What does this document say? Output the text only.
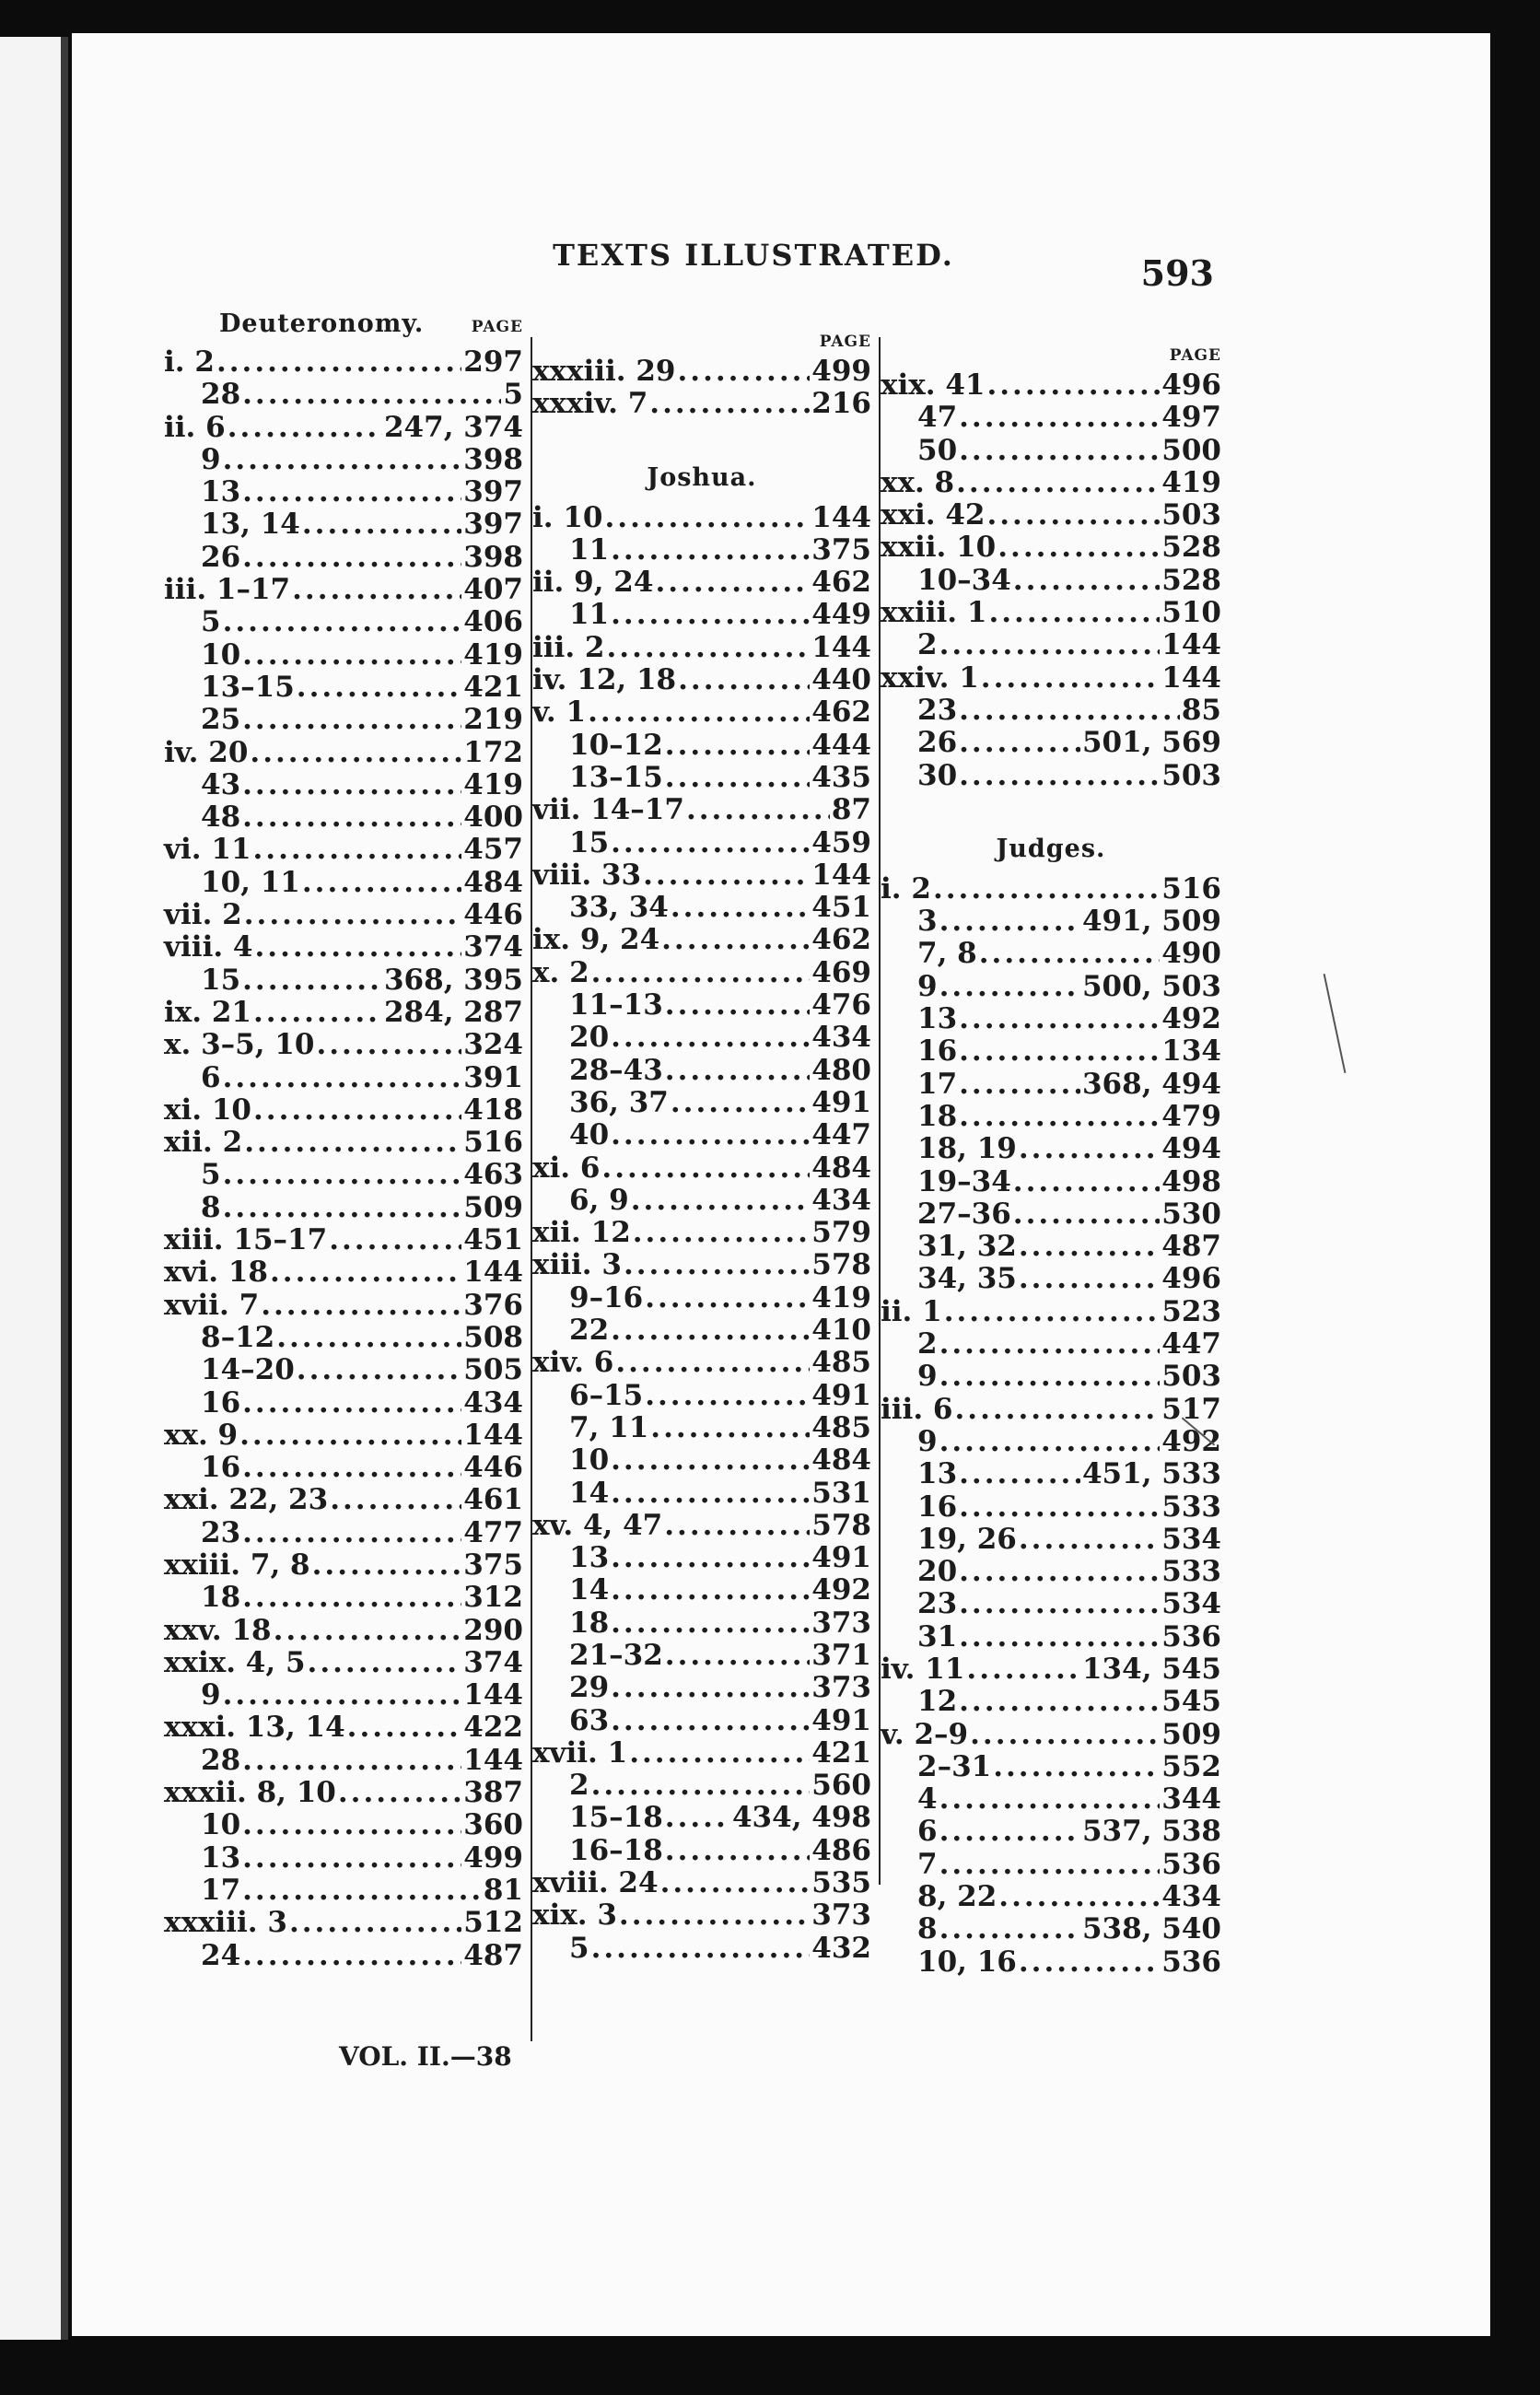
TEXTS ILLUSTRATED.	593
Deuteronomy.	PAGE
i. 2 .....	297
28 .....	5
ii. 6 .....	247, 374
9 .....	398
13 .....	397
13, 14 .....	397
26 .....	398
iii. 1–17 .....	407
5 .....	406
10 .....	419
13–15 .....	421
25 .....	219
iv. 20 .....	172
43 .....	419
48 .....	400
vi. 11 .....	457
10, 11 .....	484
vii. 2 .....	446
viii. 4 .....	374
15 .....	368, 395
ix. 21 .....	284, 287
x. 3–5, 10 .....	324
6 .....	391
xi. 10 .....	418
xii. 2 .....	516
5 .....	463
8 .....	509
xiii. 15–17 .....	451
xvi. 18 .....	144
xvii. 7 .....	376
8–12 .....	508
14–20 .....	505
16 .....	434
xx. 9 .....	144
16 .....	446
xxi. 22, 23 .....	461
23 .....	477
xxiii. 7, 8 .....	375
18 .....	312
xxv. 18 .....	290
xxix. 4, 5 .....	374
9 .....	144
xxxi. 13, 14 .....	422
28 .....	144
xxxii. 8, 10 .....	387
10 .....	360
13 .....	499
17 .....	81
xxxiii. 3 .....	512
24 .....	487
PAGE
xxxiii. 29 .....	499
xxxiv. 7 .....	216
Joshua.
i. 10 .....	144
11 .....	375
ii. 9, 24 .....	462
11 .....	449
iii. 2 .....	144
iv. 12, 18 .....	440
v. 1 .....	462
10–12 .....	444
13–15 .....	435
vii. 14–17 .....	87
15 .....	459
viii. 33 .....	144
33, 34 .....	451
ix. 9, 24 .....	462
x. 2 .....	469
11–13 .....	476
20 .....	434
28–43 .....	480
36, 37 .....	491
40 .....	447
xi. 6 .....	484
6, 9 .....	434
xii. 12 .....	579
xiii. 3 .....	578
9–16 .....	419
22 .....	410
xiv. 6 .....	485
6–15 .....	491
7, 11 .....	485
10 .....	484
14 .....	531
xv. 4, 47 .....	578
13 .....	491
14 .....	492
18 .....	373
21–32 .....	371
29 .....	373
63 .....	491
xvii. 1 .....	421
2 .....	560
15–18 ..... 434, 498
16–18 .....	486
xviii. 24 .....	535
xix. 3 .....	373
5 .....	432
PAGE
xix. 41 .....	496
47 .....	497
50 .....	500
xx. 8 .....	419
xxi. 42 .....	503
xxii. 10 .....	528
10–34 .....	528
xxiii. 1 .....	510
2 .....	144
xxiv. 1 .....	144
23 .....	85
26 .....	501, 569
30 .....	503
Judges.
i. 2 .....	516
3 .....	491, 509
7, 8 .....	490
9 .....	500, 503
13 .....	492
16 .....	134
17 .....	368, 494
18 .....	479
18, 19 .....	494
19–34 .....	498
27–36 .....	530
31, 32 .....	487
34, 35 .....	496
ii. 1 .....	523
2 .....	447
9 .....	503
iii. 6 .....	517
9 .....	492
13 .....	451, 533
16 .....	533
19, 26 .....	534
20 .....	533
23 .....	534
31 .....	536
iv. 11 .....	134, 545
12 .....	545
v. 2–9 .....	509
2–31 .....	552
4 .....	344
6 .....	537, 538
7 .....	536
8, 22 .....	434
8 .....	538, 540
10, 16 .....	536
VOL. II.—38
